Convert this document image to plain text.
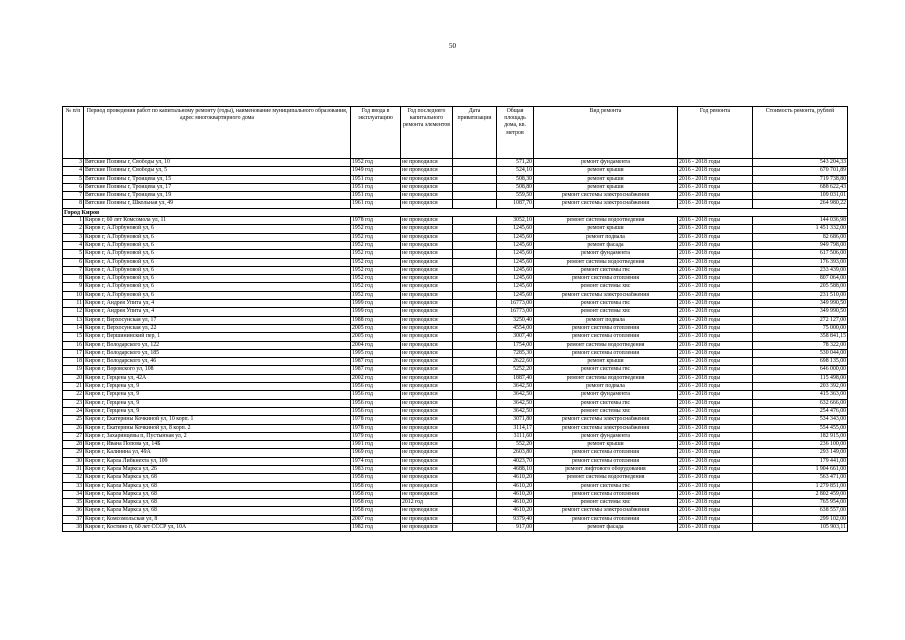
50
№ п/п	Период проведения работ по капитальному ремонту (годы), наименование муниципального образования, адрес многоквартирного дома	Год ввода в эксплуатацию	Год последнего капитального ремонта элементов	Дата приватизации	Общая площадь дома, кв. метров	Вид ремонта	Год ремонта	Стоимость ремонта, рублей
3	Вятские Поляны г, Свободы ул, 10	1952 год	не проводился		571,20	ремонт фундамента	2016 - 2018 годы	543 204,33
4	Вятские Поляны г, Свободы ул, 5	1949 год	не проводился		524,10	ремонт крыши	2016 - 2018 годы	670 701,89
5	Вятские Поляны г, Троицева ул, 15	1951 год	не проводился		508,30	ремонт крыши	2016 - 2018 годы	719 738,80
6	Вятские Поляны г, Троицева ул, 17	1951 год	не проводился		508,80	ремонт крыши	2016 - 2018 годы	688 622,43
7	Вятские Поляны г, Троицева ул, 19	1951 год	не проводился		559,50	ремонт системы электроснабжения	2016 - 2018 годы	109 031,01
8	Вятские Поляны г, Школьная ул, 49	1961 год	не проводился		1087,70	ремонт системы электроснабжения	2016 - 2018 годы	264 980,22
Город Киров								
1	Киров г, 60 лет Комсомола ул, 11	1978 год	не проводился		3052,10	ремонт системы водоотведения	2016 - 2018 годы	144 036,98
2	Киров г, А.Горбуновой ул, 6	1952 год	не проводился		1245,60	ремонт крыши	2016 - 2018 годы	1 451 332,00
3	Киров г, А.Горбуновой ул, 6	1952 год	не проводился		1245,60	ремонт подвала	2016 - 2018 годы	82 686,00
4	Киров г, А.Горбуновой ул, 6	1952 год	не проводился		1245,60	ремонт фасада	2016 - 2018 годы	949 798,00
5	Киров г, А.Горбуновой ул, 6	1952 год	не проводился		1245,60	ремонт фундамента	2016 - 2018 годы	617 506,00
6	Киров г, А.Горбуновой ул, 6	1952 год	не проводился		1245,60	ремонт системы водоотведения	2016 - 2018 годы	176 393,00
7	Киров г, А.Горбуновой ул, 6	1952 год	не проводился		1245,60	ремонт системы гвс	2016 - 2018 годы	233 439,00
8	Киров г, А.Горбуновой ул, 6	1952 год	не проводился		1245,60	ремонт системы отопления	2016 - 2018 годы	807 064,00
9	Киров г, А.Горбуновой ул, 6	1952 год	не проводился		1245,60	ремонт системы хвс	2016 - 2018 годы	205 588,00
10	Киров г, А.Горбуновой ул, 6	1952 год	не проводился		1245,60	ремонт системы электроснабжения	2016 - 2018 годы	231 510,00
11	Киров г, Андрея Упита ул, 4	1999 год	не проводился		16773,00	ремонт системы гвс	2016 - 2018 годы	349 990,50
12	Киров г, Андрея Упита ул, 4	1999 год	не проводился		16773,00	ремонт системы хвс	2016 - 2018 годы	349 990,50
13	Киров г, Верхосунская ул, 17	1988 год	не проводился		3250,40	ремонт подвала	2016 - 2018 годы	272 127,00
14	Киров г, Верхосунская ул, 22	2005 год	не проводился		4554,00	ремонт системы отопления	2016 - 2018 годы	75 000,00
15	Киров г, Вершининский пер, 1	2005 год	не проводился		3007,40	ремонт системы отопления	2016 - 2018 годы	358 841,15
16	Киров г, Володарского ул, 122	2004 год	не проводился		1754,00	ремонт системы водоотведения	2016 - 2018 годы	78 322,00
17	Киров г, Володарского ул, 185	1995 год	не проводился		7285,30	ремонт системы отопления	2016 - 2018 годы	530 044,00
18	Киров г, Володарского ул, 46	1987 год	не проводился		2622,60	ремонт крыши	2016 - 2018 годы	698 135,00
19	Киров г, Воровского ул, 108	1987 год	не проводился		5252,20	ремонт системы гвс	2016 - 2018 годы	646 000,00
20	Киров г, Герцена ул, 42А	2002 год	не проводился		1887,40	ремонт системы водоотведения	2016 - 2018 годы	115 498,00
21	Киров г, Герцена ул, 9	1956 год	не проводился		3642,50	ремонт подвала	2016 - 2018 годы	203 392,00
22	Киров г, Герцена ул, 9	1956 год	не проводился		3642,50	ремонт фундамента	2016 - 2018 годы	415 363,00
23	Киров г, Герцена ул, 9	1956 год	не проводился		3642,50	ремонт системы гвс	2016 - 2018 годы	632 666,00
24	Киров г, Герцена ул, 9	1956 год	не проводился		3642,50	ремонт системы хвс	2016 - 2018 годы	254 476,00
25	Киров г, Екатерины Кочкиной ул, 10 корп. 1	1978 год	не проводился		3071,80	ремонт системы электроснабжения	2016 - 2018 годы	534 343,00
26	Киров г, Екатерины Кочкиной ул, 8 корп. 2	1978 год	не проводился		3114,17	ремонт системы электроснабжения	2016 - 2018 годы	554 455,00
27	Киров г, Захаринцевы п, Пустынная ул, 2	1979 год	не проводился		3111,60	ремонт фундамента	2016 - 2018 годы	182 915,00
28	Киров г, Ивана Попова ул, 14Б	1991 год	не проводился		552,20	ремонт крыши	2016 - 2018 годы	236 100,00
29	Киров г, Калинина ул, 49А	1969 год	не проводился		2603,80	ремонт системы отопления	2016 - 2018 годы	293 149,00
30	Киров г, Карла Либкнехта ул, 109	1974 год	не проводился		4023,70	ремонт системы отопления	2016 - 2018 годы	179 441,00
31	Киров г, Карла Маркса ул, 26	1983 год	не проводился		4688,10	ремонт лифтового оборудования	2016 - 2018 годы	1 904 661,00
32	Киров г, Карла Маркса ул, 68	1958 год	не проводился		4610,20	ремонт системы водоотведения	2016 - 2018 годы	563 471,00
33	Киров г, Карла Маркса ул, 68	1958 год	не проводился		4610,20	ремонт системы гвс	2016 - 2018 годы	1 279 851,00
34	Киров г, Карла Маркса ул, 68	1958 год	не проводился		4610,20	ремонт системы отопления	2016 - 2018 годы	2 802 459,00
35	Киров г, Карла Маркса ул, 68	1958 год	2012 год		4610,20	ремонт системы хвс	2016 - 2018 годы	765 954,00
36	Киров г, Карла Маркса ул, 68	1958 год	не проводился		4610,20	ремонт системы электроснабжения	2016 - 2018 годы	638 557,00
37	Киров г, Комсомольская ул, 8	2007 год	не проводился		9379,40	ремонт системы отопления	2016 - 2018 годы	299 102,00
38	Киров г, Костино п, 60 лет СССР ул, 10А	1982 год	не проводился		917,00	ремонт фасада	2016 - 2018 годы	105 903,11
